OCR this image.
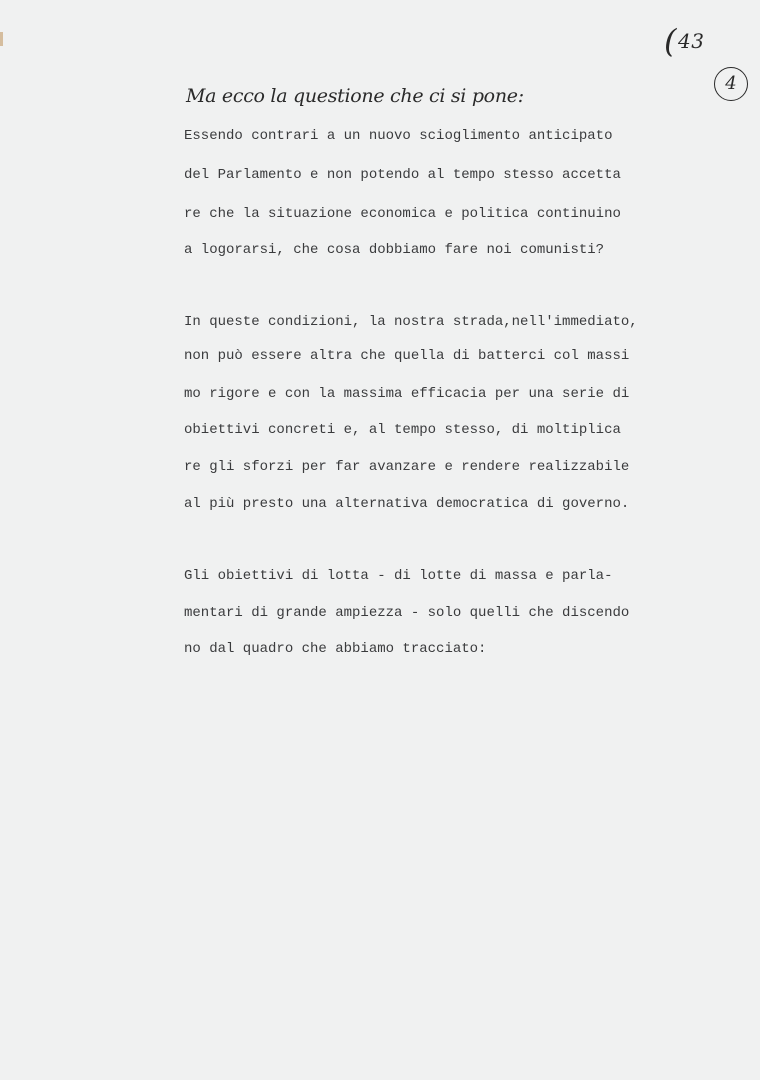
(43
4
Ma ecco la questione che ci si pone:
Essendo contrari a un nuovo scioglimento anticipato
del Parlamento e non potendo al tempo stesso accetta
re che la situazione economica e politica continuino
a logorarsi, che cosa dobbiamo fare noi comunisti?
In queste condizioni, la nostra strada,nell'immediato,
non può essere altra che quella di batterci col massi
mo rigore e con la massima efficacia per una serie di
obiettivi concreti e, al tempo stesso, di moltiplica
re gli sforzi per far avanzare e rendere realizzabile
al più presto una alternativa democratica di governo.
Gli obiettivi di lotta - di lotte di massa e parla-
mentari di grande ampiezza - solo quelli che discendo
no dal quadro che abbiamo tracciato:
